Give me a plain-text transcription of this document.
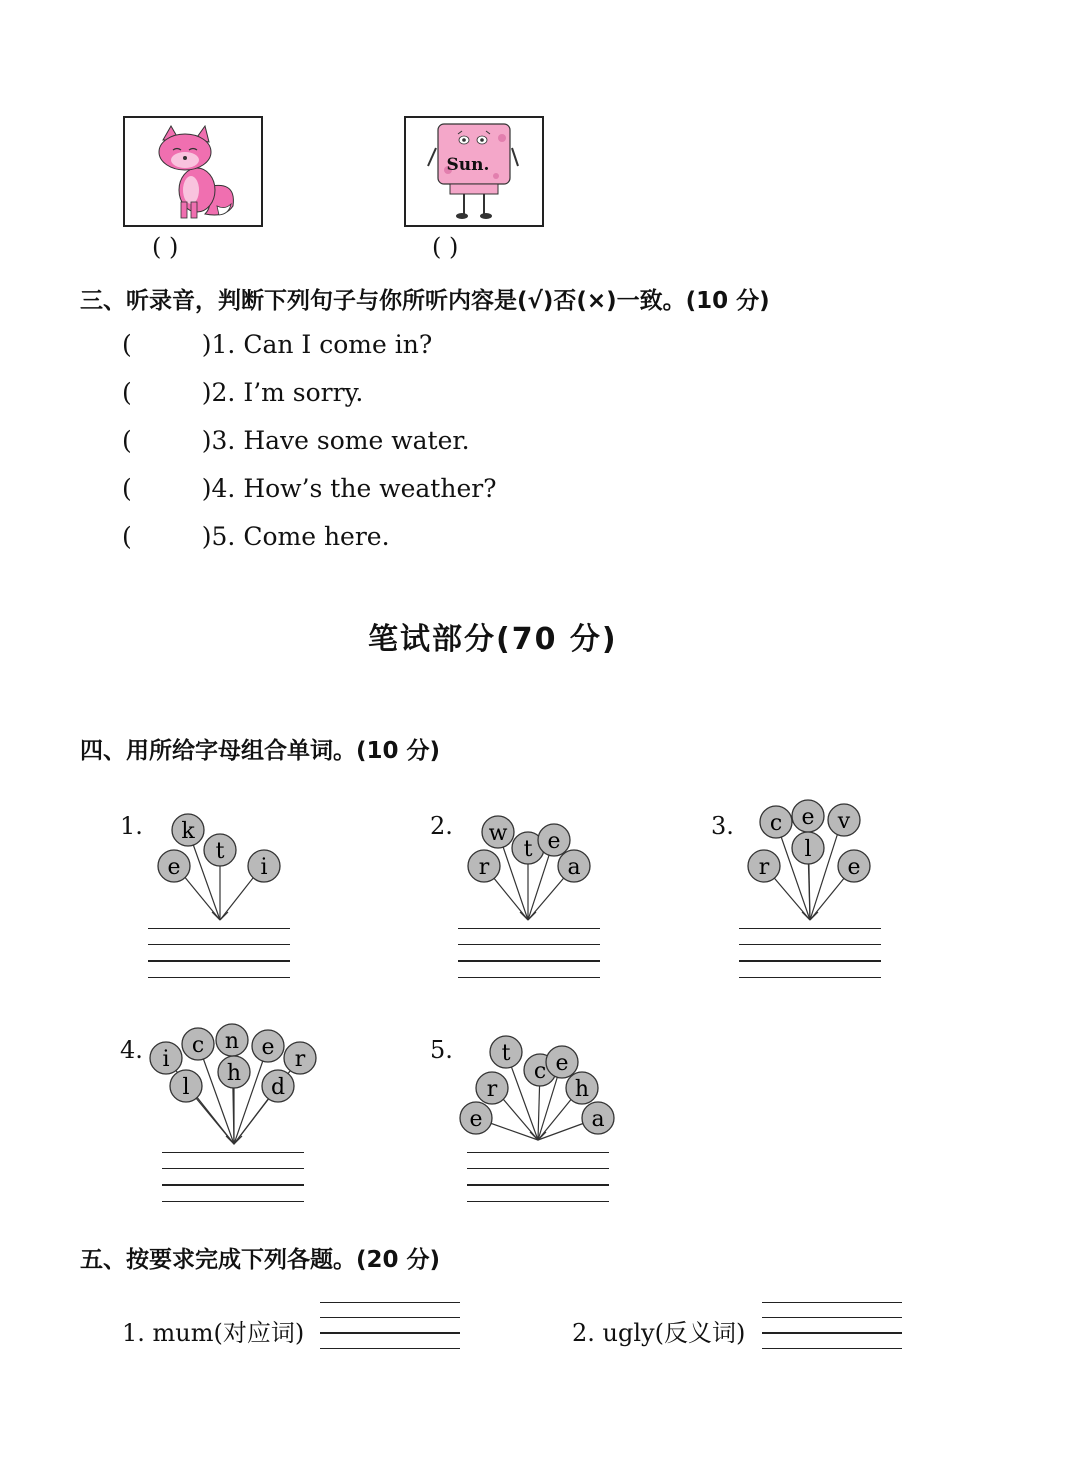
( )
Sun.
( )
三、听录音，判断下列句子与你所听内容是(√)否(×)一致。(10 分)
(	)1. Can I come in?
(	)2. I’m sorry.
(	)3. Have some water.
(	)4. How’s the weather?
(	)5. Come here.
笔试部分(70 分)
四、用所给字母组合单词。(10 分)
1. k
t
e	i
2. w
t e
r	a
3. c e v
l
r	e
4. i
c n e r
l
h
d
5. t
c e
r	h
e	a
五、按要求完成下列各题。(20 分)
1. mum(对应词)	2. ugly(反义词)
